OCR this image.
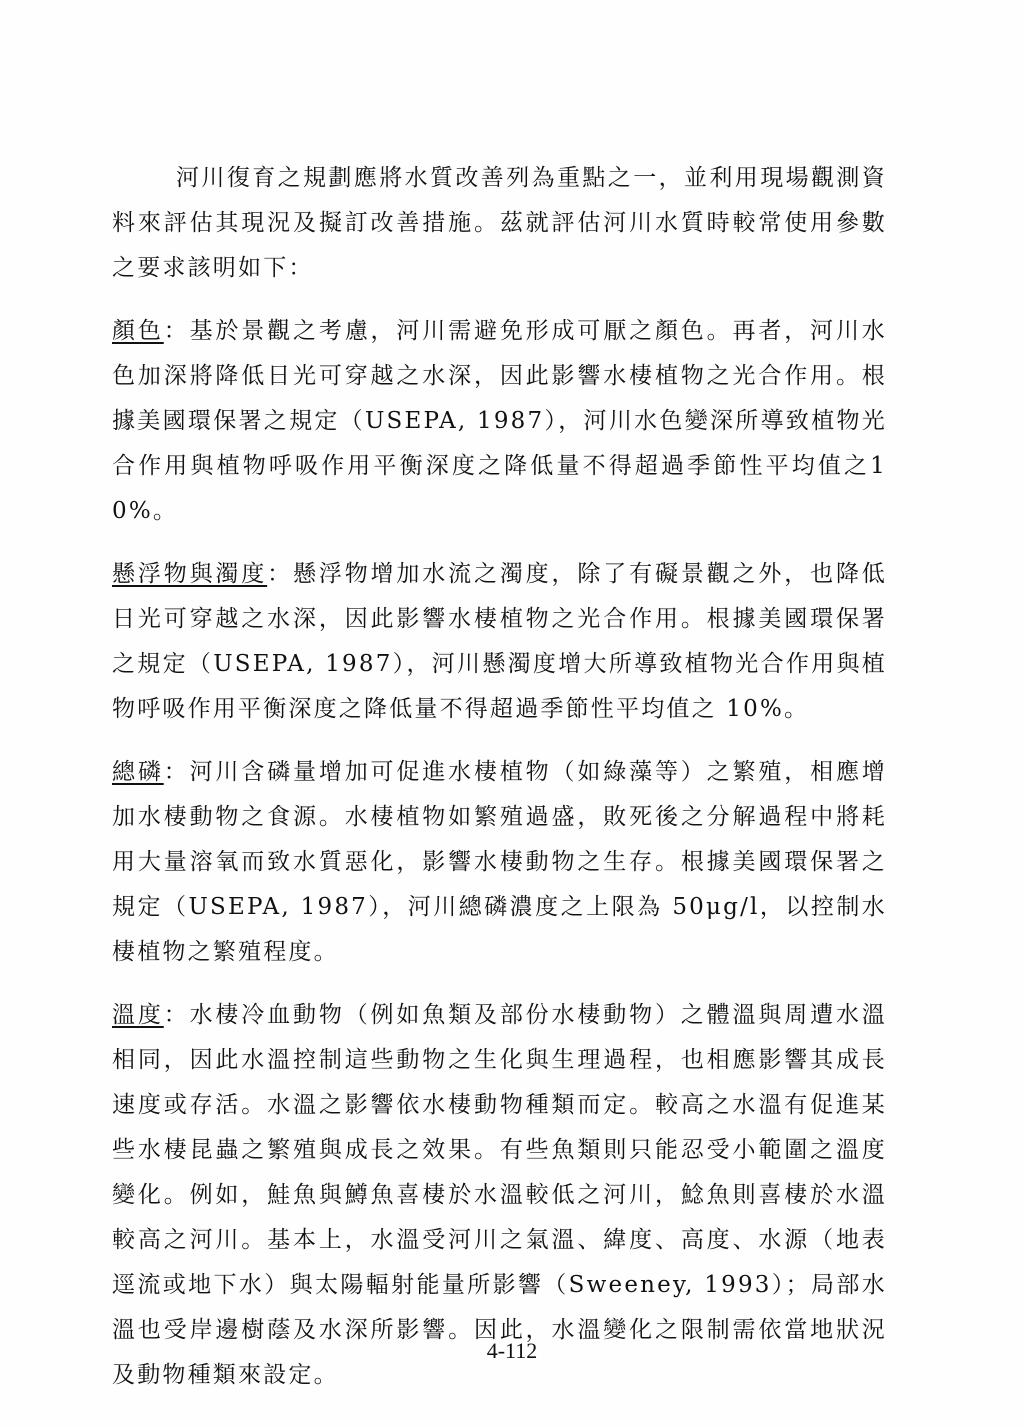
河川復育之規劃應將水質改善列為重點之一，並利用現場觀測資料來評估其現況及擬訂改善措施。茲就評估河川水質時較常使用參數之要求該明如下：

顏色：基於景觀之考慮，河川需避免形成可厭之顏色。再者，河川水色加深將降低日光可穿越之水深，因此影響水棲植物之光合作用。根據美國環保署之規定（USEPA, 1987），河川水色變深所導致植物光合作用與植物呼吸作用平衡深度之降低量不得超過季節性平均值之10%。

懸浮物與濁度：懸浮物增加水流之濁度，除了有礙景觀之外，也降低日光可穿越之水深，因此影響水棲植物之光合作用。根據美國環保署之規定（USEPA, 1987），河川懸濁度增大所導致植物光合作用與植物呼吸作用平衡深度之降低量不得超過季節性平均值之 10%。

總磷：河川含磷量增加可促進水棲植物（如綠藻等）之繁殖，相應增加水棲動物之食源。水棲植物如繁殖過盛，敗死後之分解過程中將耗用大量溶氧而致水質惡化，影響水棲動物之生存。根據美國環保署之規定（USEPA, 1987），河川總磷濃度之上限為 50μg/l，以控制水棲植物之繁殖程度。

溫度：水棲冷血動物（例如魚類及部份水棲動物）之體溫與周遭水溫相同，因此水溫控制這些動物之生化與生理過程，也相應影響其成長速度或存活。水溫之影響依水棲動物種類而定。較高之水溫有促進某些水棲昆蟲之繁殖與成長之效果。有些魚類則只能忍受小範圍之溫度變化。例如，鮭魚與鱒魚喜棲於水溫較低之河川，鯰魚則喜棲於水溫較高之河川。基本上，水溫受河川之氣溫、緯度、高度、水源（地表逕流或地下水）與太陽輻射能量所影響（Sweeney, 1993）；局部水溫也受岸邊樹蔭及水深所影響。因此，水溫變化之限制需依當地狀況及動物種類來設定。

4-112
